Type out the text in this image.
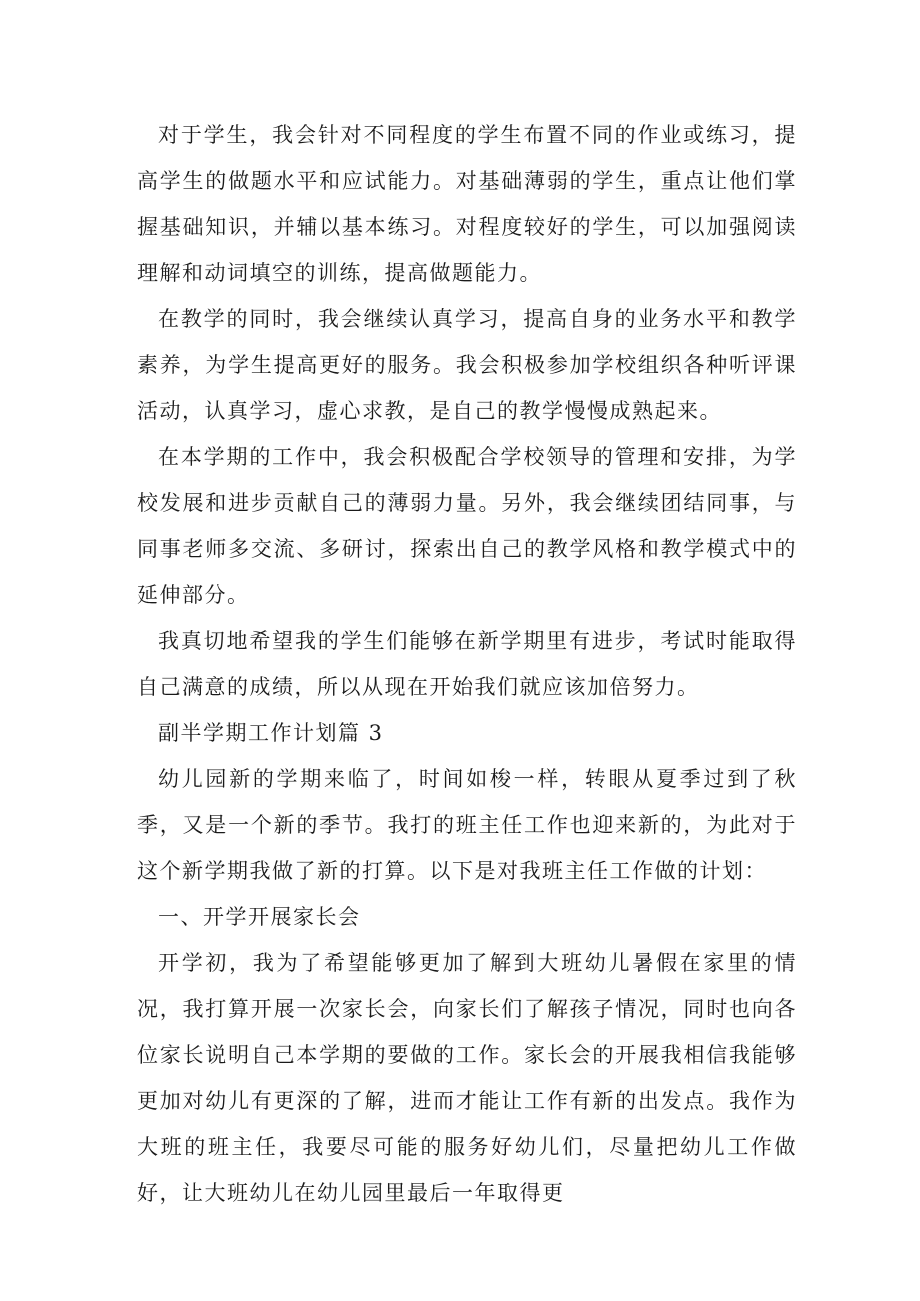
对于学生，我会针对不同程度的学生布置不同的作业或练习，提高学生的做题水平和应试能力。对基础薄弱的学生，重点让他们掌握基础知识，并辅以基本练习。对程度较好的学生，可以加强阅读理解和动词填空的训练，提高做题能力。

在教学的同时，我会继续认真学习，提高自身的业务水平和教学素养，为学生提高更好的服务。我会积极参加学校组织各种听评课活动，认真学习，虚心求教，是自己的教学慢慢成熟起来。

在本学期的工作中，我会积极配合学校领导的管理和安排，为学校发展和进步贡献自己的薄弱力量。另外，我会继续团结同事，与同事老师多交流、多研讨，探索出自己的教学风格和教学模式中的延伸部分。

我真切地希望我的学生们能够在新学期里有进步，考试时能取得自己满意的成绩，所以从现在开始我们就应该加倍努力。

副半学期工作计划篇 3

幼儿园新的学期来临了，时间如梭一样，转眼从夏季过到了秋季，又是一个新的季节。我打的班主任工作也迎来新的，为此对于这个新学期我做了新的打算。以下是对我班主任工作做的计划：

一、开学开展家长会

开学初，我为了希望能够更加了解到大班幼儿暑假在家里的情况，我打算开展一次家长会，向家长们了解孩子情况，同时也向各位家长说明自己本学期的要做的工作。家长会的开展我相信我能够更加对幼儿有更深的了解，进而才能让工作有新的出发点。我作为大班的班主任，我要尽可能的服务好幼儿们，尽量把幼儿工作做好，让大班幼儿在幼儿园里最后一年取得更
